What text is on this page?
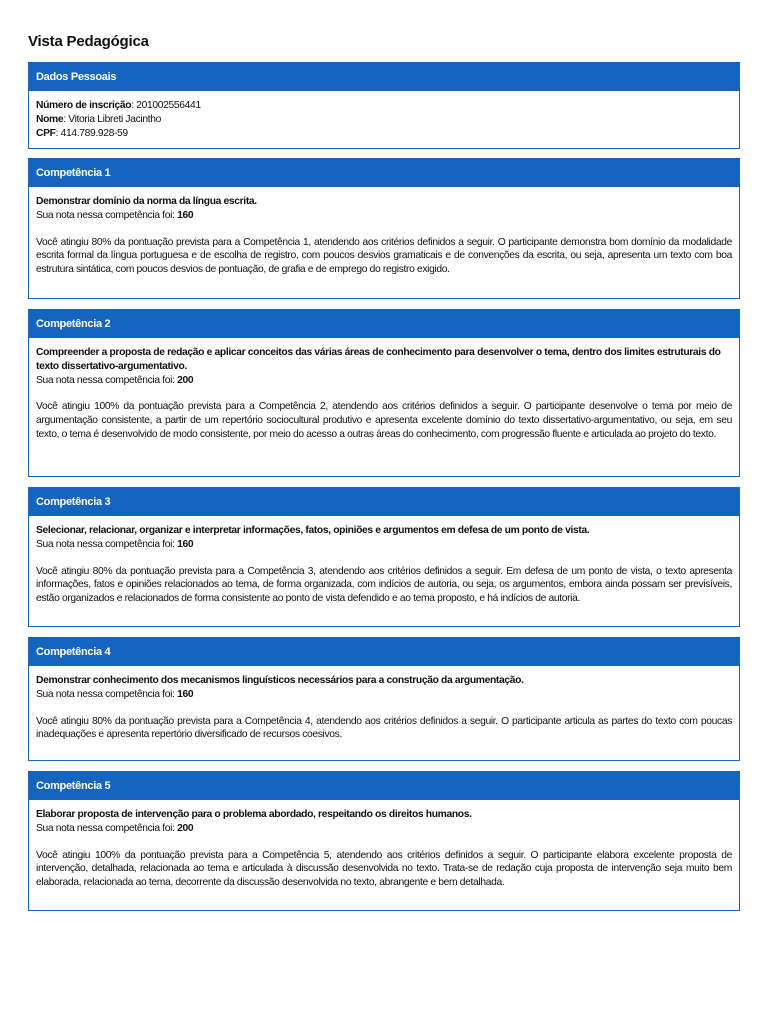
Vista Pedagógica
Dados Pessoais
Número de inscrição: 201002556441
Nome: Vitoria Libreti Jacintho
CPF: 414.789.928-59
Competência 1
Demonstrar domínio da norma da língua escrita.
Sua nota nessa competência foi: 160
Você atingiu 80% da pontuação prevista para a Competência 1, atendendo aos critérios definidos a seguir. O participante demonstra bom domínio da modalidade escrita formal da língua portuguesa e de escolha de registro, com poucos desvios gramaticais e de convenções da escrita, ou seja, apresenta um texto com boa estrutura sintática, com poucos desvios de pontuação, de grafia e de emprego do registro exigido.
Competência 2
Compreender a proposta de redação e aplicar conceitos das várias áreas de conhecimento para desenvolver o tema, dentro dos limites estruturais do texto dissertativo-argumentativo.
Sua nota nessa competência foi: 200
Você atingiu 100% da pontuação prevista para a Competência 2, atendendo aos critérios definidos a seguir. O participante desenvolve o tema por meio de argumentação consistente, a partir de um repertório sociocultural produtivo e apresenta excelente domínio do texto dissertativo-argumentativo, ou seja, em seu texto, o tema é desenvolvido de modo consistente, por meio do acesso a outras áreas do conhecimento, com progressão fluente e articulada ao projeto do texto.
Competência 3
Selecionar, relacionar, organizar e interpretar informações, fatos, opiniões e argumentos em defesa de um ponto de vista.
Sua nota nessa competência foi: 160
Você atingiu 80% da pontuação prevista para a Competência 3, atendendo aos critérios definidos a seguir. Em defesa de um ponto de vista, o texto apresenta informações, fatos e opiniões relacionados ao tema, de forma organizada, com indícios de autoria, ou seja, os argumentos, embora ainda possam ser previsíveis, estão organizados e relacionados de forma consistente ao ponto de vista defendido e ao tema proposto, e há indícios de autoria.
Competência 4
Demonstrar conhecimento dos mecanismos linguísticos necessários para a construção da argumentação.
Sua nota nessa competência foi: 160
Você atingiu 80% da pontuação prevista para a Competência 4, atendendo aos critérios definidos a seguir. O participante articula as partes do texto com poucas inadequações e apresenta repertório diversificado de recursos coesivos.
Competência 5
Elaborar proposta de intervenção para o problema abordado, respeitando os direitos humanos.
Sua nota nessa competência foi: 200
Você atingiu 100% da pontuação prevista para a Competência 5, atendendo aos critérios definidos a seguir. O participante elabora excelente proposta de intervenção, detalhada, relacionada ao tema e articulada à discussão desenvolvida no texto. Trata-se de redação cuja proposta de intervenção seja muito bem elaborada, relacionada ao tema, decorrente da discussão desenvolvida no texto, abrangente e bem detalhada.
